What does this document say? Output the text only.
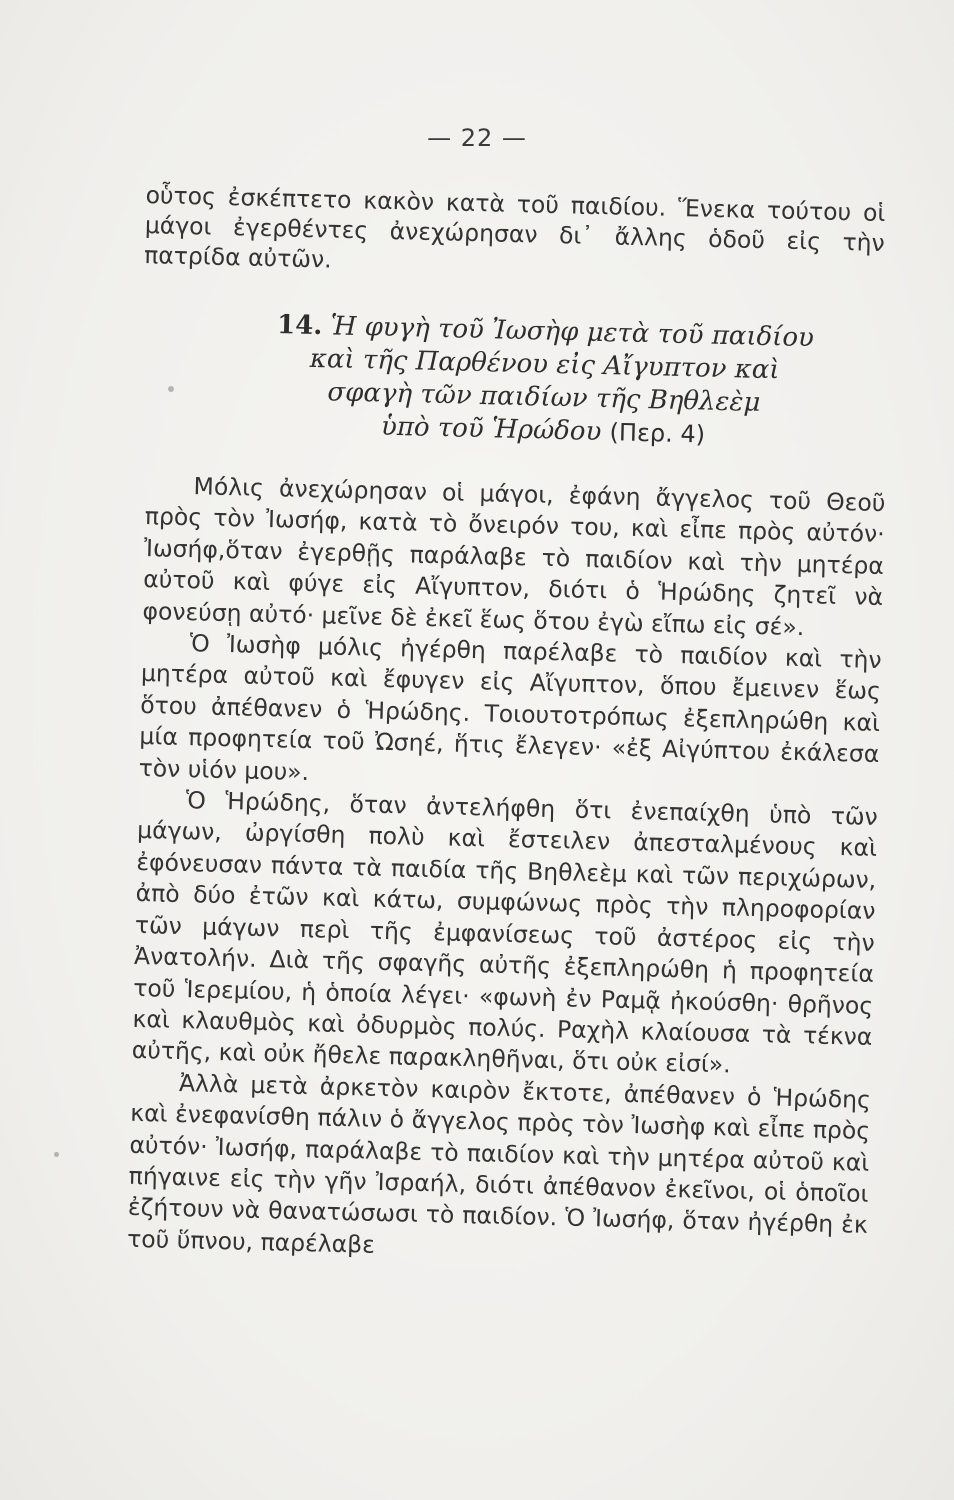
— 22 —

οὗτος ἐσκέπτετο κακὸν κατὰ τοῦ παιδίου. Ἕνεκα τούτου οἱ μάγοι ἐγερθέντες ἀνεχώρησαν δι᾽ ἄλλης ὁδοῦ εἰς τὴν πατρίδα αὐτῶν.

14. Ἡ φυγὴ τοῦ Ἰωσὴφ μετὰ τοῦ παιδίου
καὶ τῆς Παρθένου εἰς Αἴγυπτον καὶ
σφαγὴ τῶν παιδίων τῆς Βηθλεὲμ
ὑπὸ τοῦ Ἡρώδου (Περ. 4)

Μόλις ἀνεχώρησαν οἱ μάγοι, ἐφάνη ἄγγελος τοῦ Θεοῦ πρὸς τὸν Ἰωσήφ, κατὰ τὸ ὄνειρόν του, καὶ εἶπε πρὸς αὐτόν· Ἰωσήφ,ὅταν ἐγερθῇς παράλαβε τὸ παιδίον καὶ τὴν μητέρα αὐτοῦ καὶ φύγε εἰς Αἴγυπτον, διότι ὁ Ἡρώδης ζητεῖ νὰ φονεύσῃ αὐτό· μεῖνε δὲ ἐκεῖ ἕως ὅτου ἐγὼ εἴπω εἰς σέ».

Ὁ Ἰωσὴφ μόλις ἠγέρθη παρέλαβε τὸ παιδίον καὶ τὴν μητέρα αὐτοῦ καὶ ἔφυγεν εἰς Αἴγυπτον, ὅπου ἔμεινεν ἕως ὅτου ἀπέθανεν ὁ Ἡρώδης. Τοιουτοτρόπως ἐξεπληρώθη καὶ μία προφητεία τοῦ Ὠσηέ, ἥτις ἔλεγεν· «ἐξ Αἰγύπτου ἐκάλεσα τὸν υἱόν μου».

Ὁ Ἡρώδης, ὅταν ἀντελήφθη ὅτι ἐνεπαίχθη ὑπὸ τῶν μάγων, ὠργίσθη πολὺ καὶ ἔστειλεν ἀπεσταλμένους καὶ ἐφόνευσαν πάντα τὰ παιδία τῆς Βηθλεὲμ καὶ τῶν περιχώρων, ἀπὸ δύο ἐτῶν καὶ κάτω, συμφώνως πρὸς τὴν πληροφορίαν τῶν μάγων περὶ τῆς ἐμφανίσεως τοῦ ἀστέρος εἰς τὴν Ἀνατολήν. Διὰ τῆς σφαγῆς αὐτῆς ἐξεπληρώθη ἡ προφητεία τοῦ Ἱερεμίου, ἡ ὁποία λέγει· «φωνὴ ἐν Ραμᾷ ἠκούσθη· θρῆνος καὶ κλαυθμὸς καὶ ὀδυρμὸς πολύς. Ραχὴλ κλαίουσα τὰ τέκνα αὐτῆς, καὶ οὐκ ἤθελε παρακληθῆναι, ὅτι οὐκ εἰσί».

Ἀλλὰ μετὰ ἀρκετὸν καιρὸν ἔκτοτε, ἀπέθανεν ὁ Ἡρώδης καὶ ἐνεφανίσθη πάλιν ὁ ἄγγελος πρὸς τὸν Ἰωσὴφ καὶ εἶπε πρὸς αὐτόν· Ἰωσήφ, παράλαβε τὸ παιδίον καὶ τὴν μητέρα αὐτοῦ καὶ πήγαινε εἰς τὴν γῆν Ἰσραήλ, διότι ἀπέθανον ἐκεῖνοι, οἱ ὁποῖοι ἐζήτουν νὰ θανατώσωσι τὸ παιδίον. Ὁ Ἰωσήφ, ὅταν ἠγέρθη ἐκ τοῦ ὕπνου, παρέλαβε
